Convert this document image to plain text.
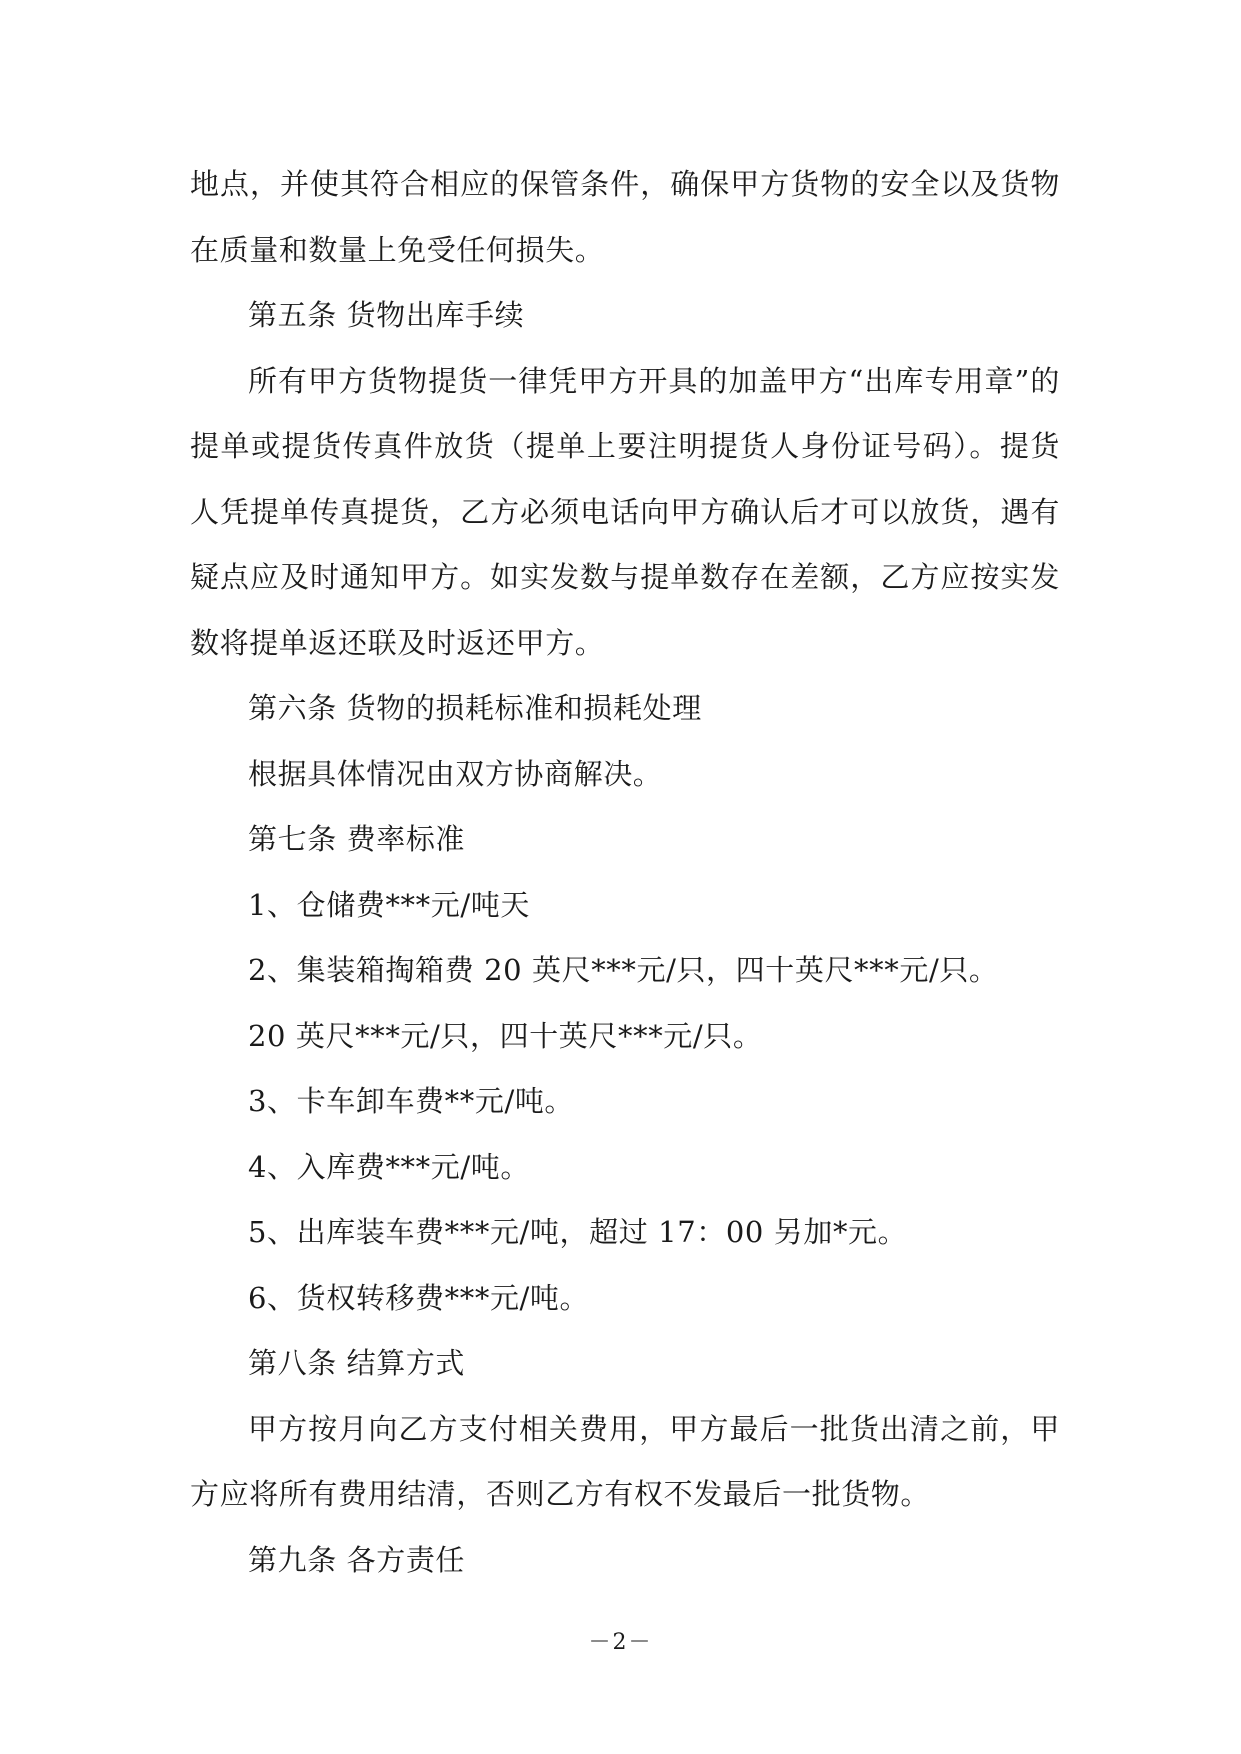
地点，并使其符合相应的保管条件，确保甲方货物的安全以及货物在质量和数量上免受任何损失。

第五条 货物出库手续

所有甲方货物提货一律凭甲方开具的加盖甲方“出库专用章”的提单或提货传真件放货（提单上要注明提货人身份证号码）。提货人凭提单传真提货，乙方必须电话向甲方确认后才可以放货，遇有疑点应及时通知甲方。如实发数与提单数存在差额，乙方应按实发数将提单返还联及时返还甲方。

第六条 货物的损耗标准和损耗处理

根据具体情况由双方协商解决。

第七条 费率标准

1、仓储费***元/吨天

2、集装箱掏箱费 20 英尺***元/只，四十英尺***元/只。

20 英尺***元/只，四十英尺***元/只。

3、卡车卸车费**元/吨。

4、入库费***元/吨。

5、出库装车费***元/吨，超过 17：00 另加*元。

6、货权转移费***元/吨。

第八条 结算方式

甲方按月向乙方支付相关费用，甲方最后一批货出清之前，甲方应将所有费用结清，否则乙方有权不发最后一批货物。

第九条 各方责任

－2－
